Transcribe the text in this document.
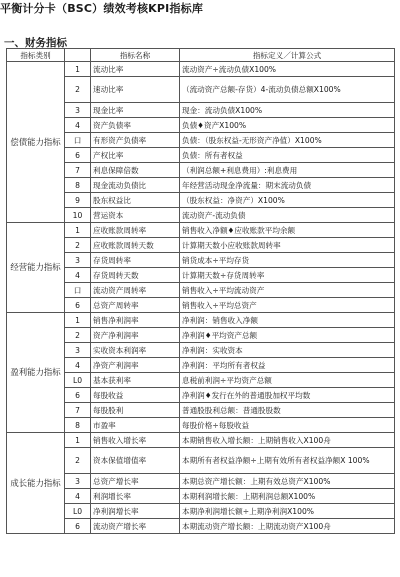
平衡计分卡（BSC）绩效考核KPI指标库
一、财务指标
指标类别		指标名称	指标定义／计算公式
偿债能力指标	1	流动比率	流动资产÷流动负债X100%
	2	速动比率	（流动资产总额-存货）4-流动负债总额X100%
	3	现金比率	现金：流动负债X100%
	4	资产负债率	负债♦资产X100%
	口	有形资产负债率	负债：（股东权益-无形资产净值）X100%
	6	产权比率	负债：所有者权益
	7	利息保障倍数	（利润总额+利息费用）:利息费用
	8	现金流动负债比	年经营活动现金净流量：期末流动负债
	9	股东权益比	（股东权益：净资产）X100%
	10	营运资本	流动资产-流动负债
经营能力指标	1	应收账款周转率	销售收入净额♦应收账款平均余额
	2	应收账款周转天数	计算期天数小应收账款周转率
	3	存货周转率	销货成本÷平均存货
	4	存货周转天数	计算期天数÷存货周转率
	口	流动资产周转率	销售收入÷平均流动资产
	6	总资产周转率	销售收入÷平均总资产
盈利能力指标	1	销售净利润率	净利润：销售收入净额
	2	资产净利润率	净利润♦平均资产总额
	3	实收资本利润率	净利润：实收资本
	4	净资产利润率	净利润：平均所有者权益
	L0	基本获利率	息税前利润÷平均资产总额
	6	每股收益	净利润♦发行在外的普通股加权平均数
	7	每股股利	普通股股利总额：普通股股数
	8	市盈率	每股价格÷每股收益
成长能力指标	1	销售收入增长率	本期销售收入增长额：上期销售收入X100舟
	2	资本保值增值率	本期所有者权益净额÷上期有效所有者权益净额X 100%
	3	总资产增长率	本期总资产增长额：上期有效总资产X100%
	4	利润增长率	本期利润增长额：上期利润总额X100%
	L0	净利润增长率	本期净利润增长额÷上期净利润X100%
	6	流动资产增长率	本期流动资产增长额：上期流动资产X100舟
